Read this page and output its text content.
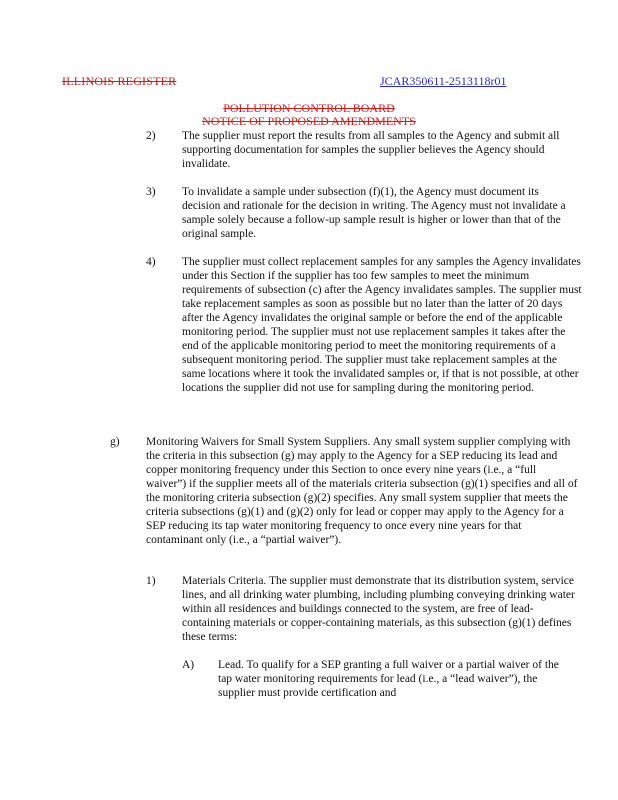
ILLINOIS REGISTER	JCAR350611-2513118r01
POLLUTION CONTROL BOARD
NOTICE OF PROPOSED AMENDMENTS
2) The supplier must report the results from all samples to the Agency and submit all supporting documentation for samples the supplier believes the Agency should invalidate.
3) To invalidate a sample under subsection (f)(1), the Agency must document its decision and rationale for the decision in writing. The Agency must not invalidate a sample solely because a follow-up sample result is higher or lower than that of the original sample.
4) The supplier must collect replacement samples for any samples the Agency invalidates under this Section if the supplier has too few samples to meet the minimum requirements of subsection (c) after the Agency invalidates samples. The supplier must take replacement samples as soon as possible but no later than the latter of 20 days after the Agency invalidates the original sample or before the end of the applicable monitoring period. The supplier must not use replacement samples it takes after the end of the applicable monitoring period to meet the monitoring requirements of a subsequent monitoring period. The supplier must take replacement samples at the same locations where it took the invalidated samples or, if that is not possible, at other locations the supplier did not use for sampling during the monitoring period.
g) Monitoring Waivers for Small System Suppliers. Any small system supplier complying with the criteria in this subsection (g) may apply to the Agency for a SEP reducing its lead and copper monitoring frequency under this Section to once every nine years (i.e., a “full waiver”) if the supplier meets all of the materials criteria subsection (g)(1) specifies and all of the monitoring criteria subsection (g)(2) specifies. Any small system supplier that meets the criteria subsections (g)(1) and (g)(2) only for lead or copper may apply to the Agency for a SEP reducing its tap water monitoring frequency to once every nine years for that contaminant only (i.e., a “partial waiver”).
1) Materials Criteria. The supplier must demonstrate that its distribution system, service lines, and all drinking water plumbing, including plumbing conveying drinking water within all residences and buildings connected to the system, are free of lead-containing materials or copper-containing materials, as this subsection (g)(1) defines these terms:
A) Lead. To qualify for a SEP granting a full waiver or a partial waiver of the tap water monitoring requirements for lead (i.e., a “lead waiver”), the supplier must provide certification and
